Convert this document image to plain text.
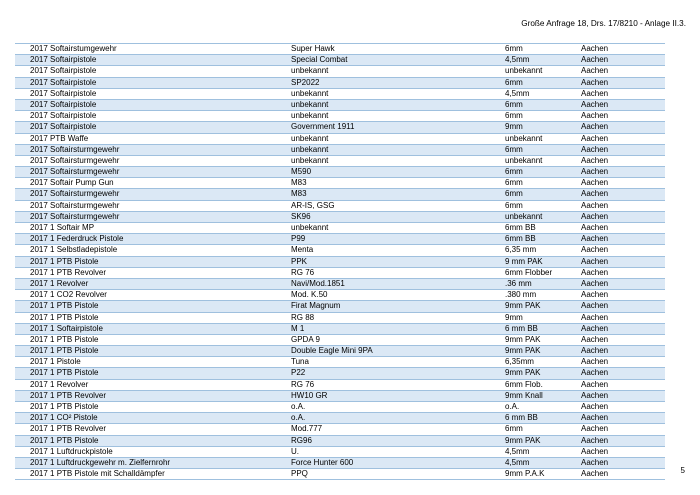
Große Anfrage 18, Drs. 17/8210 - Anlage II.3.
2017 Softairstumgewehr	Super Hawk	6mm	Aachen
2017 Softairpistole	Special Combat	4,5mm	Aachen
2017 Softairpistole	unbekannt	unbekannt	Aachen
2017 Softairpistole	SP2022	6mm	Aachen
2017 Softairpistole	unbekannt	4,5mm	Aachen
2017 Softairpistole	unbekannt	6mm	Aachen
2017 Softairpistole	unbekannt	6mm	Aachen
2017 Softairpistole	Government 1911	9mm	Aachen
2017 PTB Waffe	unbekannt	unbekannt	Aachen
2017 Softairsturmgewehr	unbekannt	6mm	Aachen
2017 Softairsturmgewehr	unbekannt	unbekannt	Aachen
2017 Softairsturmgewehr	M590	6mm	Aachen
2017 Softair Pump Gun	M83	6mm	Aachen
2017 Softairsturmgewehr	M83	6mm	Aachen
2017 Softairsturmgewehr	AR-IS, GSG	6mm	Aachen
2017 Softairsturmgewehr	SK96	unbekannt	Aachen
2017 1 Softair MP	unbekannt	6mm BB	Aachen
2017 1 Federdruck Pistole	P99	6mm BB	Aachen
2017 1 Selbstladepistole	Menta	6,35 mm	Aachen
2017 1 PTB Pistole	PPK	9 mm PAK	Aachen
2017 1 PTB Revolver	RG 76	6mm Flobber	Aachen
2017 1 Revolver	Navi/Mod.1851	.36 mm	Aachen
2017 1 CO2 Revolver	Mod. K.50	.380 mm	Aachen
2017 1 PTB Pistole	Firat Magnum	9mm PAK	Aachen
2017 1 PTB Pistole	RG 88	9mm	Aachen
2017 1 Softairpistole	M 1	6 mm BB	Aachen
2017 1 PTB Pistole	GPDA 9	9mm PAK	Aachen
2017 1 PTB Pistole	Double Eagle Mini 9PA	9mm PAK	Aachen
2017 1 Pistole	Tuna	6,35mm	Aachen
2017 1 PTB Pistole	P22	9mm PAK	Aachen
2017 1 Revolver	RG 76	6mm Flob.	Aachen
2017 1 PTB Revolver	HW10 GR	9mm Knall	Aachen
2017 1 PTB Pistole	o.A.	o.A.	Aachen
2017 1 CO² Pistole	o.A.	6 mm BB	Aachen
2017 1 PTB Revolver	Mod.777	6mm	Aachen
2017 1 PTB Pistole	RG96	9mm PAK	Aachen
2017 1 Luftdruckpistole	U.	4,5mm	Aachen
2017 1 Luftdruckgewehr m. Zielfernrohr	Force Hunter 600	4,5mm	Aachen
2017 1 PTB Pistole mit Schalldämpfer	PPQ	9mm P.A.K	Aachen	5
